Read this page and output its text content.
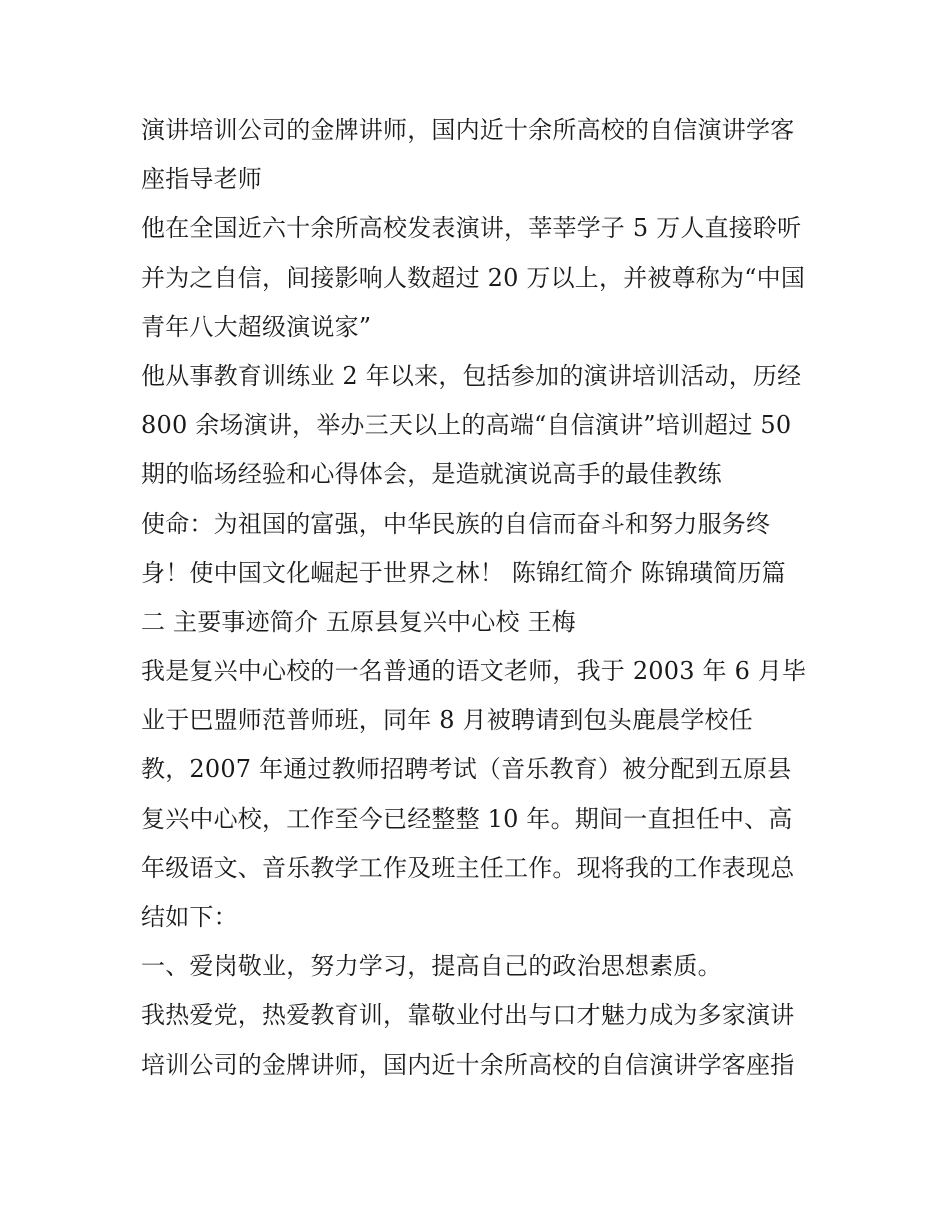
演讲培训公司的金牌讲师，国内近十余所高校的自信演讲学客
座指导老师
他在全国近六十余所高校发表演讲，莘莘学子 5 万人直接聆听
并为之自信，间接影响人数超过 20 万以上，并被尊称为“中国
青年八大超级演说家”
他从事教育训练业 2 年以来，包括参加的演讲培训活动，历经
800 余场演讲，举办三天以上的高端“自信演讲”培训超过 50
期的临场经验和心得体会，是造就演说高手的最佳教练
使命：为祖国的富强，中华民族的自信而奋斗和努力服务终
身！使中国文化崛起于世界之林！ 陈锦红简介 陈锦璜简历篇
二 主要事迹简介 五原县复兴中心校 王梅
我是复兴中心校的一名普通的语文老师，我于 2003 年 6 月毕
业于巴盟师范普师班，同年 8 月被聘请到包头鹿晨学校任
教，2007 年通过教师招聘考试（音乐教育）被分配到五原县
复兴中心校，工作至今已经整整 10 年。期间一直担任中、高
年级语文、音乐教学工作及班主任工作。现将我的工作表现总
结如下：
一、爱岗敬业，努力学习，提高自己的政治思想素质。
我热爱党，热爱教育训，靠敬业付出与口才魅力成为多家演讲
培训公司的金牌讲师，国内近十余所高校的自信演讲学客座指
